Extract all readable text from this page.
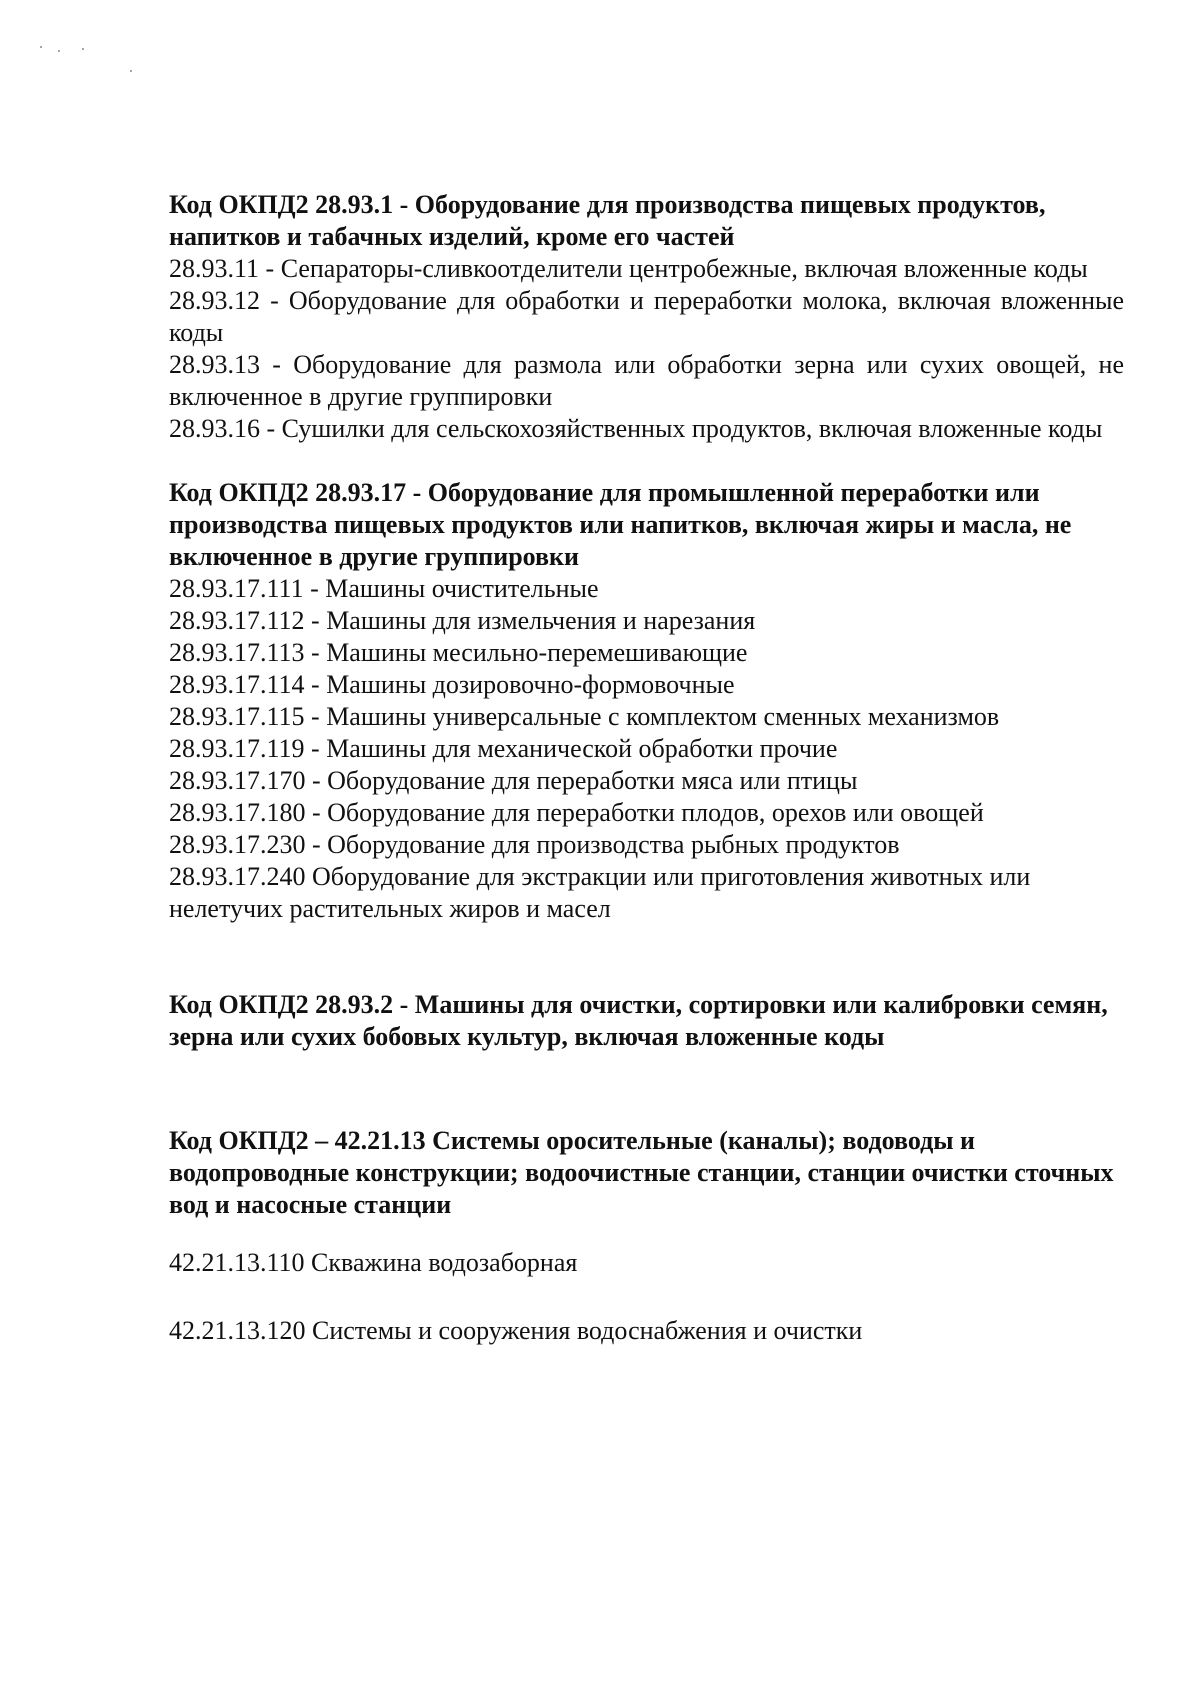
Код ОКПД2 28.93.1 - Оборудование для производства пищевых продуктов, напитков и табачных изделий, кроме его частей

28.93.11 - Сепараторы-сливкоотделители центробежные, включая вложенные коды

28.93.12 - Оборудование для обработки и переработки молока, включая вложенные коды

28.93.13 - Оборудование для размола или обработки зерна или сухих овощей, не включенное в другие группировки

28.93.16 - Сушилки для сельскохозяйственных продуктов, включая вложенные коды

Код ОКПД2 28.93.17 - Оборудование для промышленной переработки или производства пищевых продуктов или напитков, включая жиры и масла, не включенное в другие группировки

28.93.17.111 - Машины очистительные

28.93.17.112 - Машины для измельчения и нарезания

28.93.17.113 - Машины месильно-перемешивающие

28.93.17.114 - Машины дозировочно-формовочные

28.93.17.115 - Машины универсальные с комплектом сменных механизмов

28.93.17.119 - Машины для механической обработки прочие

28.93.17.170 - Оборудование для переработки мяса или птицы

28.93.17.180 - Оборудование для переработки плодов, орехов или овощей

28.93.17.230 - Оборудование для производства рыбных продуктов

28.93.17.240 Оборудование для экстракции или приготовления животных или нелетучих растительных жиров и масел

Код ОКПД2 28.93.2 - Машины для очистки, сортировки или калибровки семян, зерна или сухих бобовых культур, включая вложенные коды

Код ОКПД2 – 42.21.13 Системы оросительные (каналы); водоводы и водопроводные конструкции; водоочистные станции, станции очистки сточных вод и насосные станции

42.21.13.110 Скважина водозаборная

42.21.13.120 Системы и сооружения водоснабжения и очистки
